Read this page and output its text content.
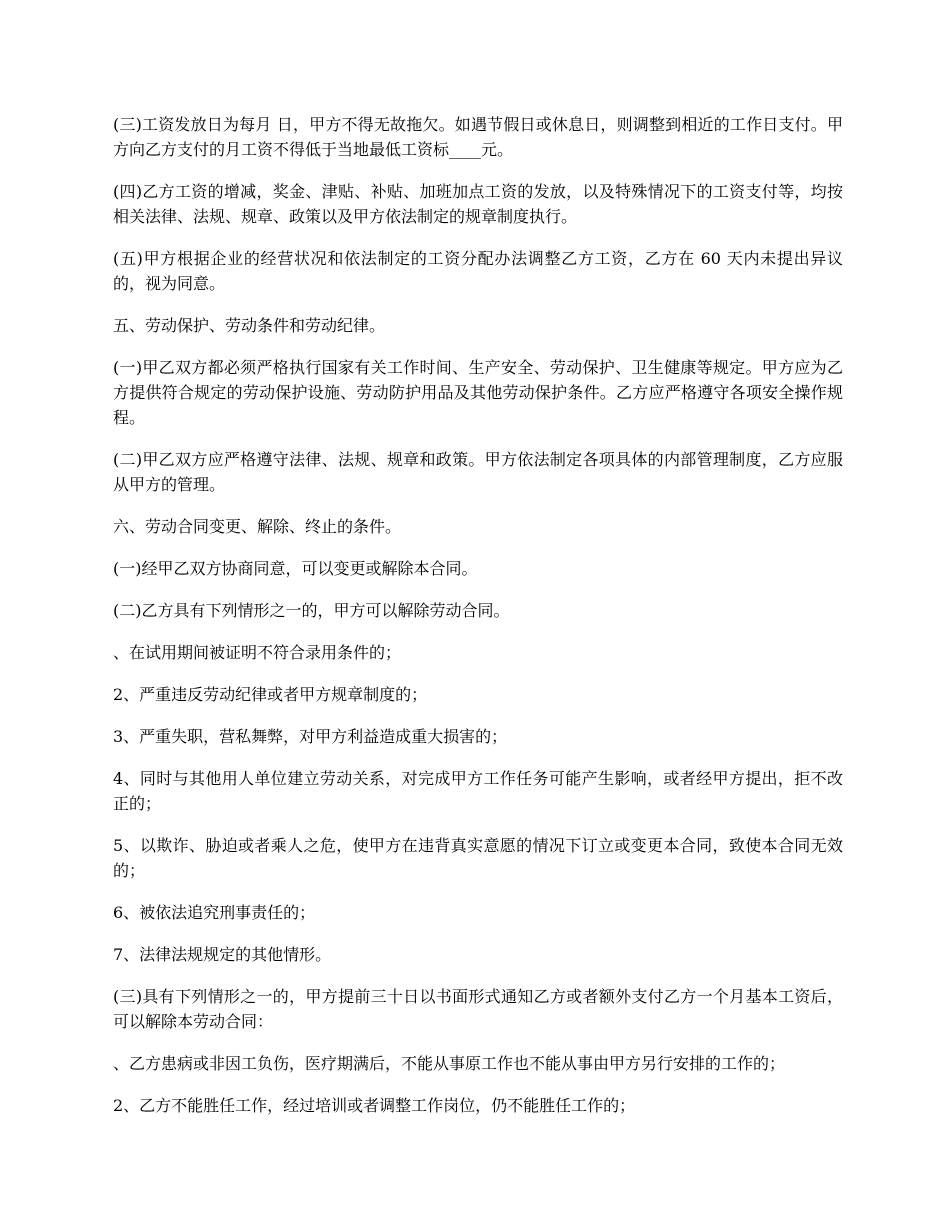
(三)工资发放日为每月 日，甲方不得无故拖欠。如遇节假日或休息日，则调整到相近的工作日支付。甲方向乙方支付的月工资不得低于当地最低工资标____元。

(四)乙方工资的增减，奖金、津贴、补贴、加班加点工资的发放，以及特殊情况下的工资支付等，均按相关法律、法规、规章、政策以及甲方依法制定的规章制度执行。

(五)甲方根据企业的经营状况和依法制定的工资分配办法调整乙方工资，乙方在 60 天内未提出异议的，视为同意。

五、劳动保护、劳动条件和劳动纪律。

(一)甲乙双方都必须严格执行国家有关工作时间、生产安全、劳动保护、卫生健康等规定。甲方应为乙方提供符合规定的劳动保护设施、劳动防护用品及其他劳动保护条件。乙方应严格遵守各项安全操作规程。

(二)甲乙双方应严格遵守法律、法规、规章和政策。甲方依法制定各项具体的内部管理制度，乙方应服从甲方的管理。

六、劳动合同变更、解除、终止的条件。

(一)经甲乙双方协商同意，可以变更或解除本合同。

(二)乙方具有下列情形之一的，甲方可以解除劳动合同。

、在试用期间被证明不符合录用条件的；

2、严重违反劳动纪律或者甲方规章制度的；

3、严重失职，营私舞弊，对甲方利益造成重大损害的；

4、同时与其他用人单位建立劳动关系，对完成甲方工作任务可能产生影响，或者经甲方提出，拒不改正的；

5、以欺诈、胁迫或者乘人之危，使甲方在违背真实意愿的情况下订立或变更本合同，致使本合同无效的；

6、被依法追究刑事责任的；

7、法律法规规定的其他情形。

(三)具有下列情形之一的，甲方提前三十日以书面形式通知乙方或者额外支付乙方一个月基本工资后，可以解除本劳动合同：

、乙方患病或非因工负伤，医疗期满后，不能从事原工作也不能从事由甲方另行安排的工作的；

2、乙方不能胜任工作，经过培训或者调整工作岗位，仍不能胜任工作的；
